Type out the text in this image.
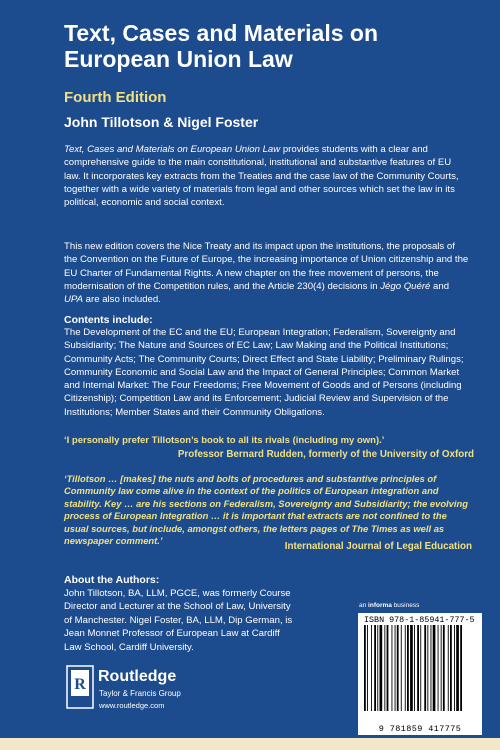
Text, Cases and Materials on European Union Law
Fourth Edition
John Tillotson & Nigel Foster
Text, Cases and Materials on European Union Law provides students with a clear and comprehensive guide to the main constitutional, institutional and substantive features of EU law. It incorporates key extracts from the Treaties and the case law of the Community Courts, together with a wide variety of materials from legal and other sources which set the law in its political, economic and social context.
This new edition covers the Nice Treaty and its impact upon the institutions, the proposals of the Convention on the Future of Europe, the increasing importance of Union citizenship and the EU Charter of Fundamental Rights. A new chapter on the free movement of persons, the modernisation of the Competition rules, and the Article 230(4) decisions in Jégo Quéré and UPA are also included.
Contents include:
The Development of the EC and the EU; European Integration; Federalism, Sovereignty and Subsidiarity; The Nature and Sources of EC Law; Law Making and the Political Institutions; Community Acts; The Community Courts; Direct Effect and State Liability; Preliminary Rulings; Community Economic and Social Law and the Impact of General Principles; Common Market and Internal Market: The Four Freedoms; Free Movement of Goods and of Persons (including Citizenship); Competition Law and its Enforcement; Judicial Review and Supervision of the Institutions; Member States and their Community Obligations.
‘I personally prefer Tillotson’s book to all its rivals (including my own).’
Professor Bernard Rudden, formerly of the University of Oxford
‘Tillotson … [makes] the nuts and bolts of procedures and substantive principles of Community law come alive in the context of the politics of European integration and stability. Key … are his sections on Federalism, Sovereignty and Subsidiarity; the evolving process of European Integration … it is important that extracts are not confined to the usual sources, but include, amongst others, the letters pages of The Times as well as newspaper comment.’
International Journal of Legal Education
About the Authors:
John Tillotson, BA, LLM, PGCE, was formerly Course Director and Lecturer at the School of Law, University of Manchester. Nigel Foster, BA, LLM, Dip German, is Jean Monnet Professor of European Law at Cardiff Law School, Cardiff University.
an informa business
ISBN 978-1-85941-777-5
9 781859 417775
R Routledge
Taylor & Francis Group
www.routledge.com
